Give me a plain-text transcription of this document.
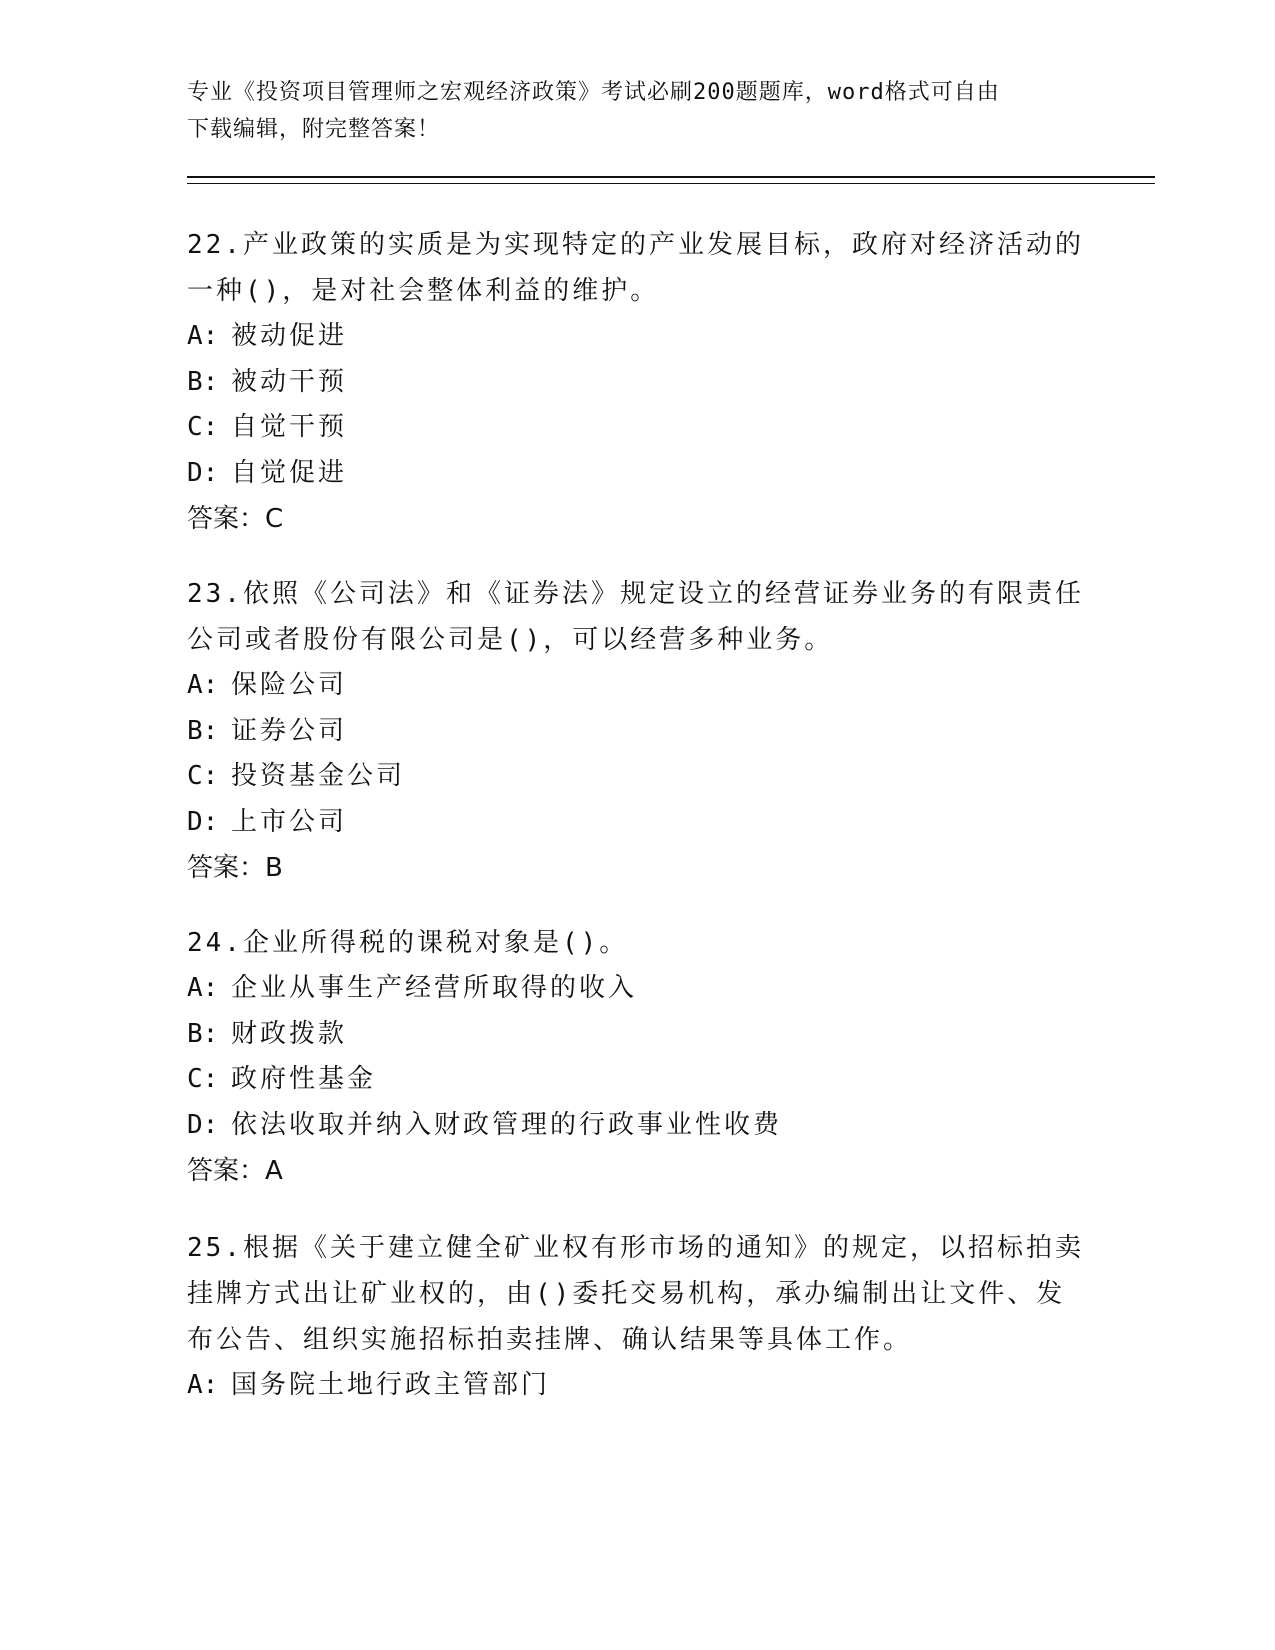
专业《投资项目管理师之宏观经济政策》考试必刷200题题库，word格式可自由
下载编辑，附完整答案！
22.产业政策的实质是为实现特定的产业发展目标，政府对经济活动的
一种()，是对社会整体利益的维护。
A: 被动促进
B: 被动干预
C: 自觉干预
D: 自觉促进
答案：C
23.依照《公司法》和《证券法》规定设立的经营证券业务的有限责任
公司或者股份有限公司是()，可以经营多种业务。
A: 保险公司
B: 证券公司
C: 投资基金公司
D: 上市公司
答案：B
24.企业所得税的课税对象是()。
A: 企业从事生产经营所取得的收入
B: 财政拨款
C: 政府性基金
D: 依法收取并纳入财政管理的行政事业性收费
答案：A
25.根据《关于建立健全矿业权有形市场的通知》的规定，以招标拍卖
挂牌方式出让矿业权的，由()委托交易机构，承办编制出让文件、发
布公告、组织实施招标拍卖挂牌、确认结果等具体工作。
A: 国务院土地行政主管部门
